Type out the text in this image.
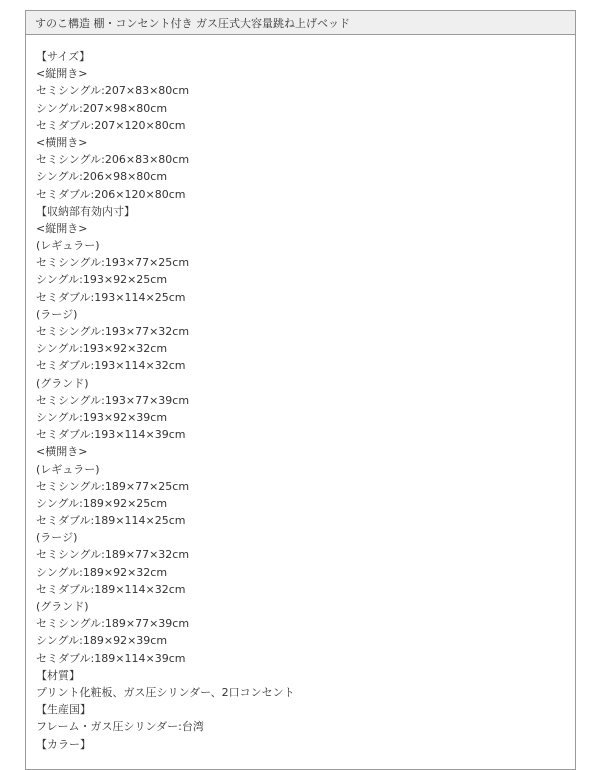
すのこ構造 棚・コンセント付き ガス圧式大容量跳ね上げベッド
【サイズ】
<縦開き>
セミシングル:207×83×80cm
シングル:207×98×80cm
セミダブル:207×120×80cm
<横開き>
セミシングル:206×83×80cm
シングル:206×98×80cm
セミダブル:206×120×80cm
【収納部有効内寸】
<縦開き>
(レギュラー)
セミシングル:193×77×25cm
シングル:193×92×25cm
セミダブル:193×114×25cm
(ラージ)
セミシングル:193×77×32cm
シングル:193×92×32cm
セミダブル:193×114×32cm
(グランド)
セミシングル:193×77×39cm
シングル:193×92×39cm
セミダブル:193×114×39cm
<横開き>
(レギュラー)
セミシングル:189×77×25cm
シングル:189×92×25cm
セミダブル:189×114×25cm
(ラージ)
セミシングル:189×77×32cm
シングル:189×92×32cm
セミダブル:189×114×32cm
(グランド)
セミシングル:189×77×39cm
シングル:189×92×39cm
セミダブル:189×114×39cm
【材質】
プリント化粧板、ガス圧シリンダー、2口コンセント
【生産国】
フレーム・ガス圧シリンダー:台湾
【カラー】
